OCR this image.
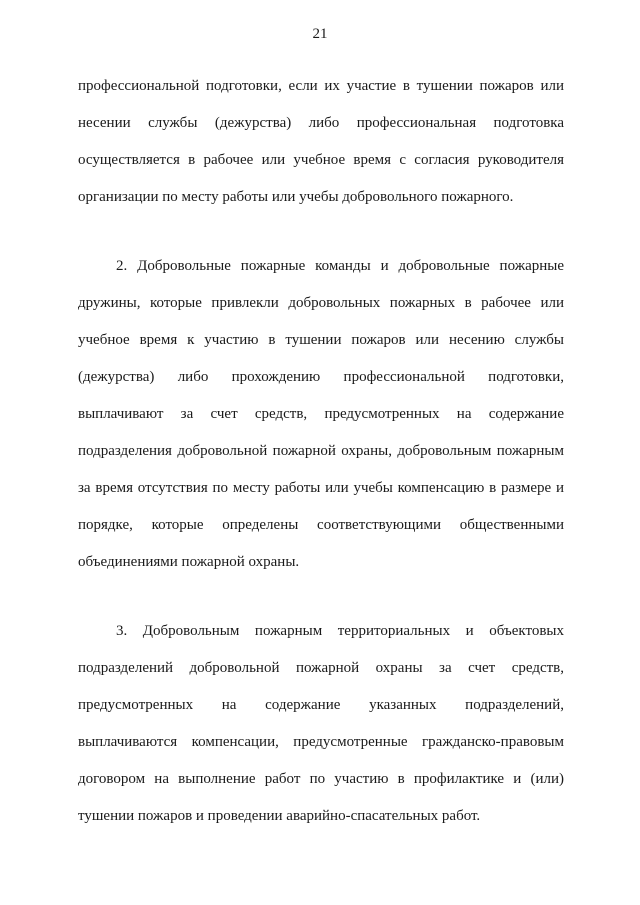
21
профессиональной подготовки, если их участие в тушении пожаров или
несении службы (дежурства) либо профессиональная подготовка
осуществляется в рабочее или учебное время с согласия руководителя
организации по месту работы или учебы добровольного пожарного.
2. Добровольные пожарные команды и добровольные пожарные
дружины, которые привлекли добровольных пожарных в рабочее или
учебное время к участию в тушении пожаров или несению службы
(дежурства) либо прохождению профессиональной подготовки,
выплачивают за счет средств, предусмотренных на содержание
подразделения добровольной пожарной охраны, добровольным пожарным
за время отсутствия по месту работы или учебы компенсацию в размере и
порядке, которые определены соответствующими общественными
объединениями пожарной охраны.
3. Добровольным пожарным территориальных и объектовых
подразделений добровольной пожарной охраны за счет средств,
предусмотренных на содержание указанных подразделений,
выплачиваются компенсации, предусмотренные гражданско-правовым
договором на выполнение работ по участию в профилактике и (или)
тушении пожаров и проведении аварийно-спасательных работ.
